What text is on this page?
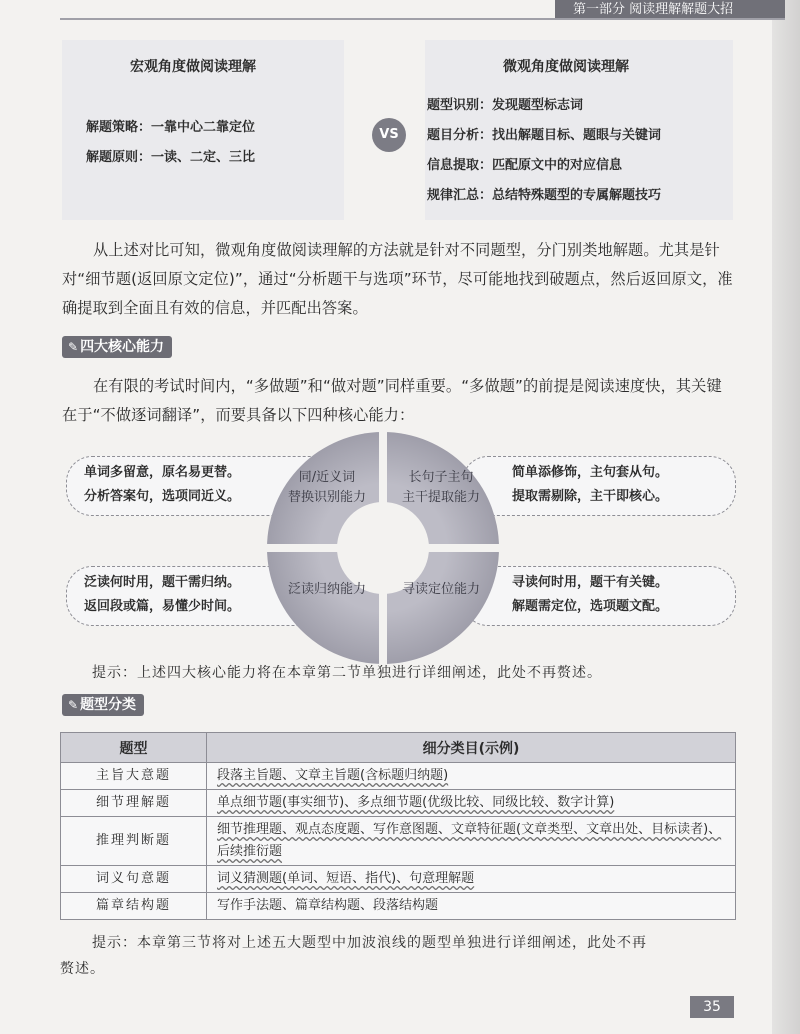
第一部分 阅读理解解题大招
宏观角度做阅读理解
解题策略：一靠中心二靠定位
解题原则：一读、二定、三比
VS
微观角度做阅读理解
题型识别：发现题型标志词
题目分析：找出解题目标、题眼与关键词
信息提取：匹配原文中的对应信息
规律汇总：总结特殊题型的专属解题技巧
从上述对比可知，微观角度做阅读理解的方法就是针对不同题型，分门别类地解题。尤其是针对“细节题(返回原文定位)”，通过“分析题干与选项”环节，尽可能地找到破题点，然后返回原文，准确提取到全面且有效的信息，并匹配出答案。
✎ 四大核心能力
在有限的考试时间内，“多做题”和“做对题”同样重要。“多做题”的前提是阅读速度快，其关键在于“不做逐词翻译”，而要具备以下四种核心能力：
同/近义词
替换识别能力
长句子主句
主干提取能力
泛读归纳能力	寻读定位能力
单词多留意，原名易更替。
分析答案句，选项同近义。
简单添修饰，主句套从句。
提取需剔除，主干即核心。
泛读何时用，题干需归纳。
返回段或篇，易懂少时间。
寻读何时用，题干有关键。
解题需定位，选项题文配。
提示：上述四大核心能力将在本章第二节单独进行详细阐述，此处不再赘述。
✎ 题型分类
题型	细分类目(示例)
主旨大意题	段落主旨题、文章主旨题(含标题归纳题)
细节理解题	单点细节题(事实细节)、多点细节题(优级比较、同级比较、数字计算)
推理判断题	细节推理题、观点态度题、写作意图题、文章特征题(文章类型、文章出处、目标读者)、后续推衍题
词义句意题	词义猜测题(单词、短语、指代)、句意理解题
篇章结构题	写作手法题、篇章结构题、段落结构题
提示：本章第三节将对上述五大题型中加波浪线的题型单独进行详细阐述，此处不再
赘述。
35
